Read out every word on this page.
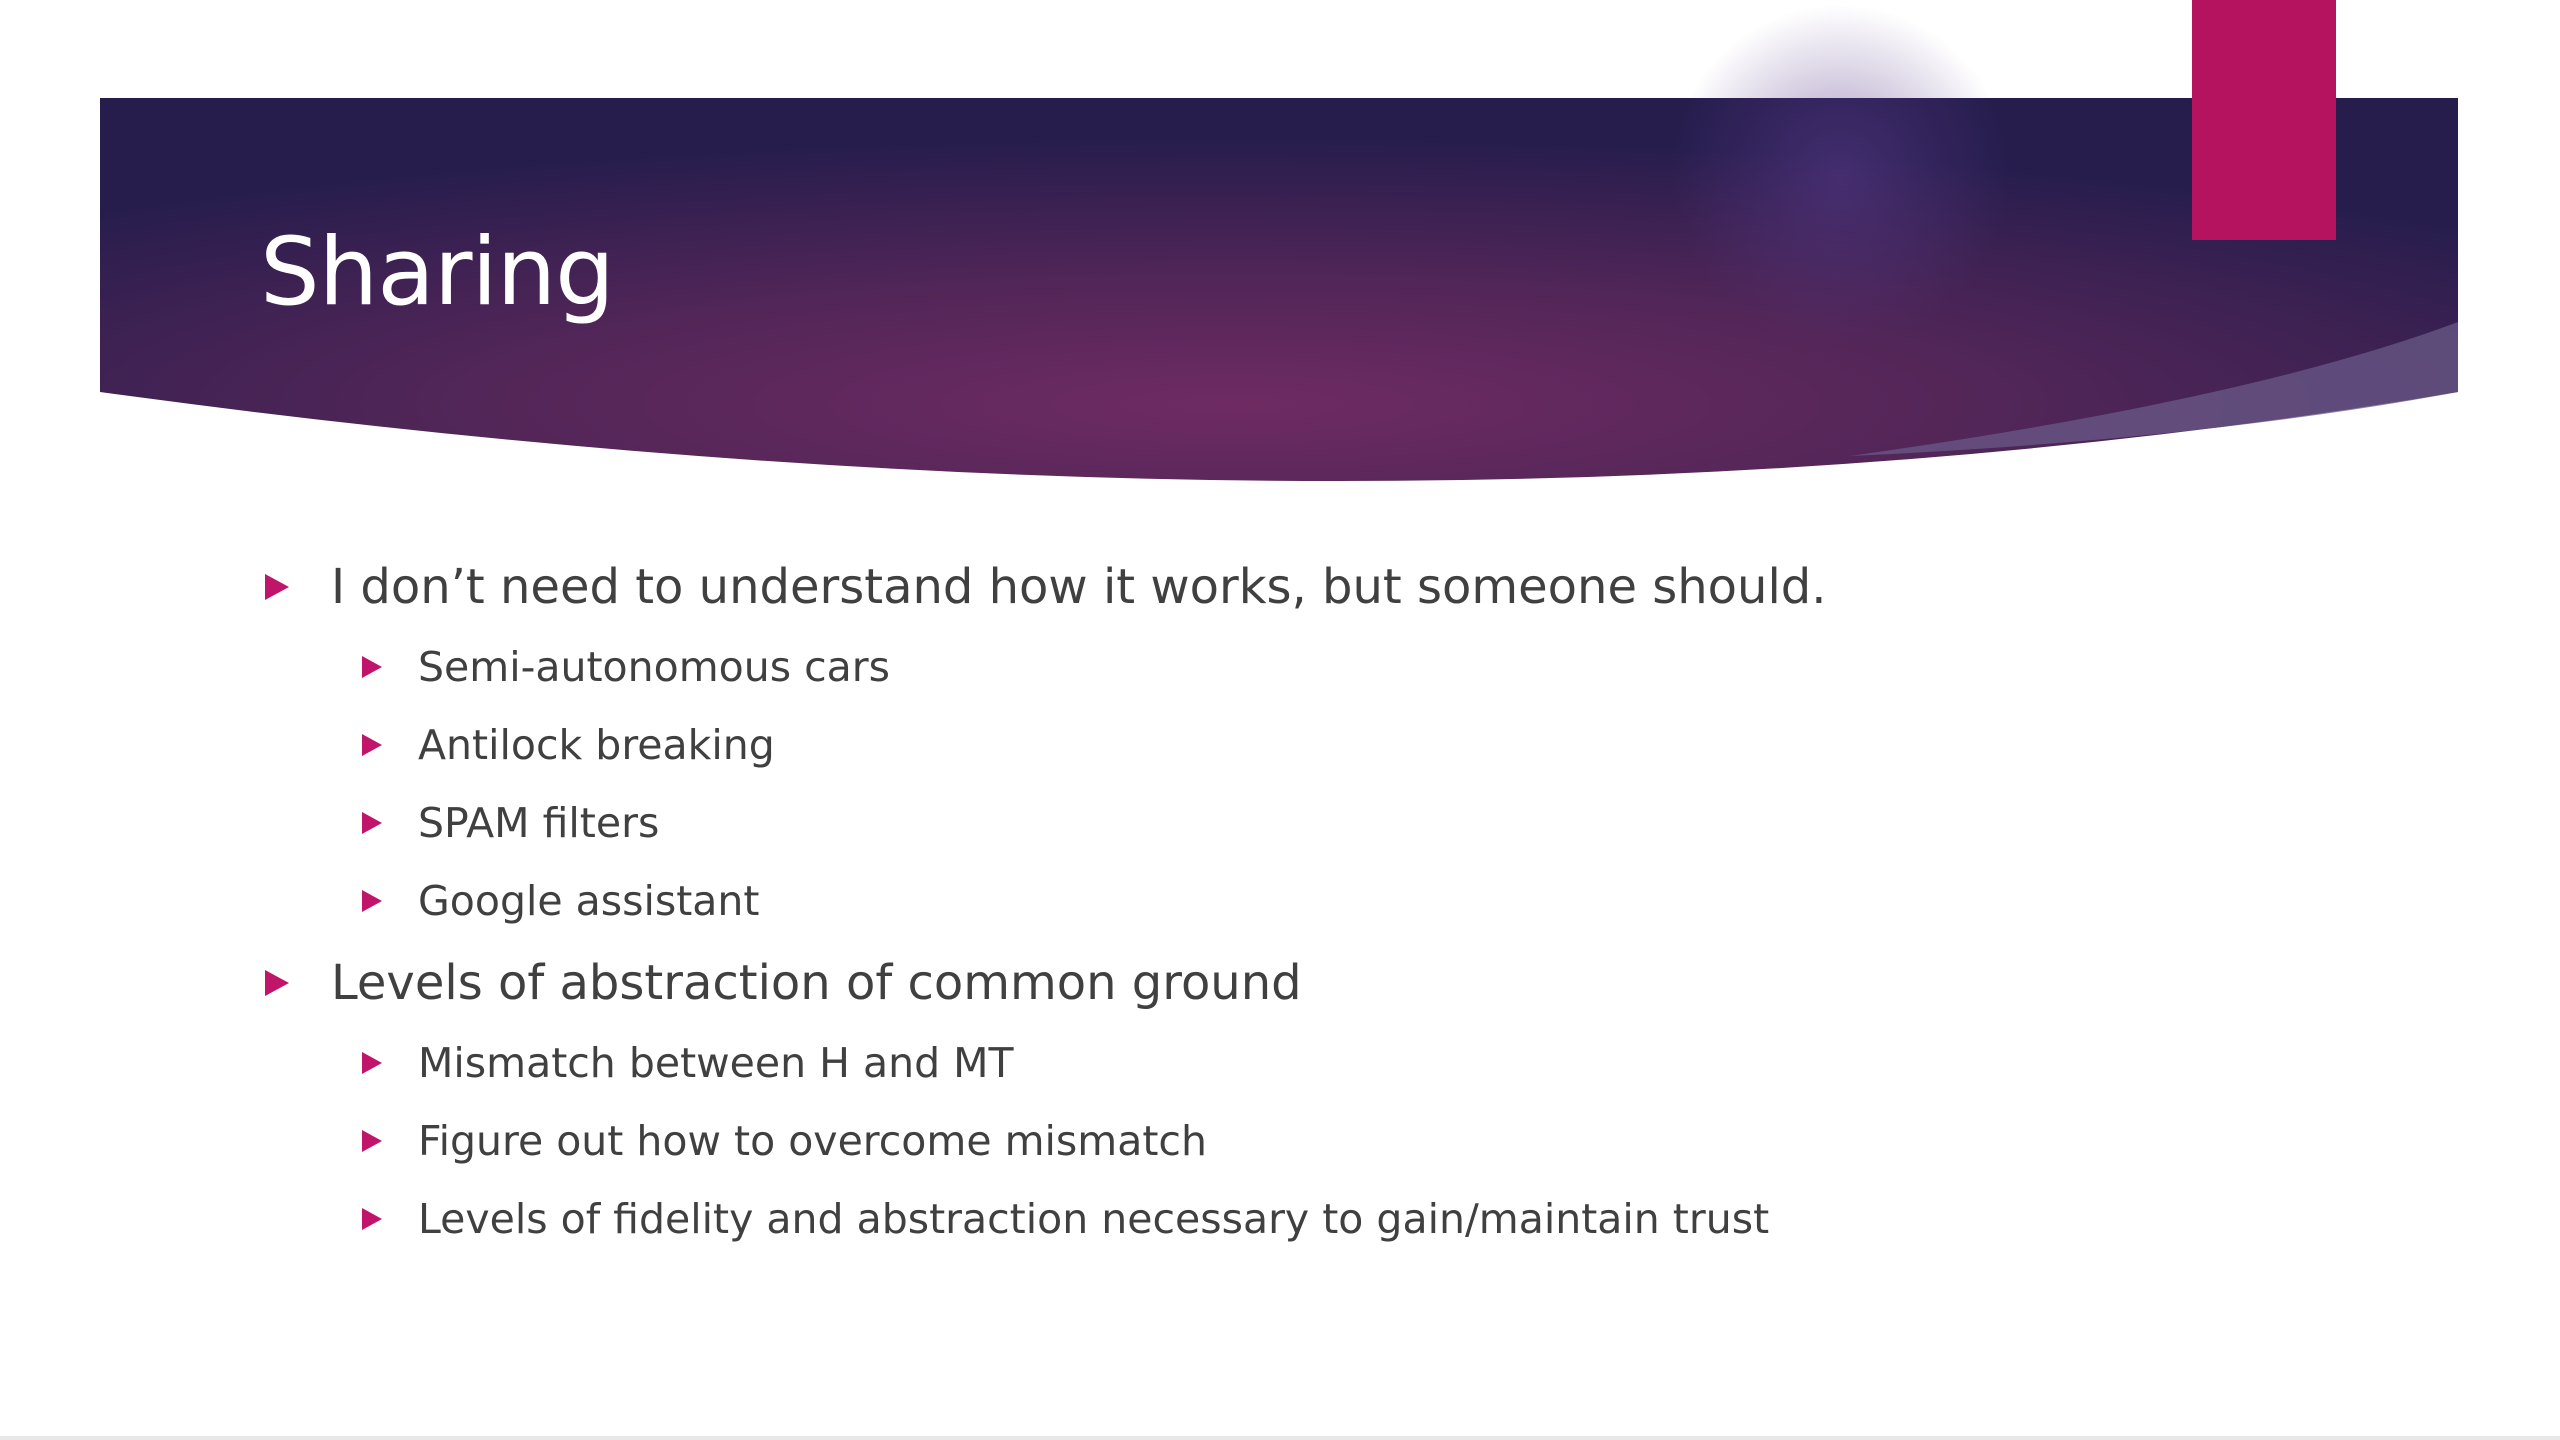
Sharing
I don’t need to understand how it works, but someone should.
Semi-autonomous cars
Antilock breaking
SPAM filters
Google assistant
Levels of abstraction of common ground
Mismatch between H and MT
Figure out how to overcome mismatch
Levels of fidelity and abstraction necessary to gain/maintain trust
